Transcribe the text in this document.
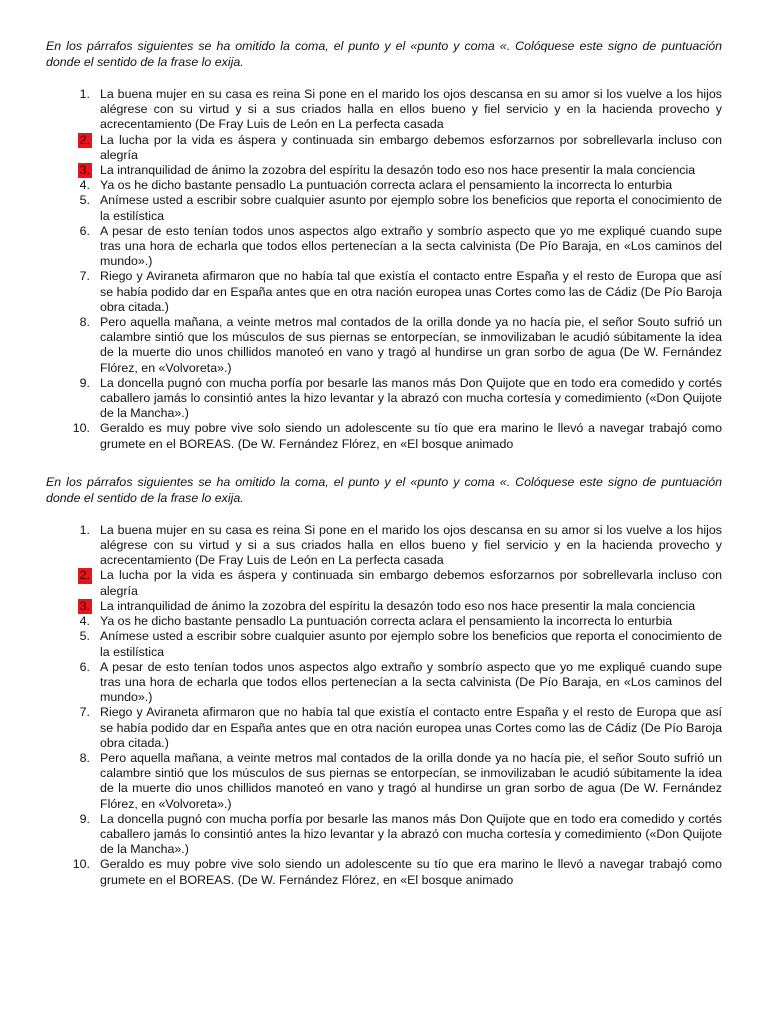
En los párrafos siguientes se ha omitido la coma, el punto y el «punto y coma «. Colóquese este signo de puntuación donde el sentido de la frase lo exija.

1. La buena mujer en su casa es reina Si pone en el marido los ojos descansa en su amor si los vuelve a los hijos alégrese con su virtud y si a sus criados halla en ellos bueno y fiel servicio y en la hacienda provecho y acrecentamiento (De Fray Luis de León en La perfecta casada
2. La lucha por la vida es áspera y continuada sin embargo debemos esforzarnos por sobrellevarla incluso con alegría
3. La intranquilidad de ánimo la zozobra del espíritu la desazón todo eso nos hace presentir la mala conciencia
4. Ya os he dicho bastante pensadlo La puntuación correcta aclara el pensamiento la incorrecta lo enturbia
5. Anímese usted a escribir sobre cualquier asunto por ejemplo sobre los beneficios que reporta el conocimiento de la estilística
6. A pesar de esto tenían todos unos aspectos algo extraño y sombrío aspecto que yo me expliqué cuando supe tras una hora de echarla que todos ellos pertenecían a la secta calvinista (De Pío Baraja, en «Los caminos del mundo».)
7. Riego y Aviraneta afirmaron que no había tal que existía el contacto entre España y el resto de Europa que así se había podido dar en España antes que en otra nación europea unas Cortes como las de Cádiz (De Pío Baroja obra citada.)
8. Pero aquella mañana, a veinte metros mal contados de la orilla donde ya no hacía pie, el señor Souto sufrió un calambre sintió que los músculos de sus piernas se entorpecían, se inmovilizaban le acudió súbitamente la idea de la muerte dio unos chillidos manoteó en vano y tragó al hundirse un gran sorbo de agua (De W. Fernández Flórez, en «Volvoreta».)
9. La doncella pugnó con mucha porfía por besarle las manos más Don Quijote que en todo era comedido y cortés caballero jamás lo consintió antes la hizo levantar y la abrazó con mucha cortesía y comedimiento («Don Quijote de la Mancha».)
10. Geraldo es muy pobre vive solo siendo un adolescente su tío que era marino le llevó a navegar trabajó como grumete en el BOREAS. (De W. Fernández Flórez, en «El bosque animado

En los párrafos siguientes se ha omitido la coma, el punto y el «punto y coma «. Colóquese este signo de puntuación donde el sentido de la frase lo exija.

1. La buena mujer en su casa es reina Si pone en el marido los ojos descansa en su amor si los vuelve a los hijos alégrese con su virtud y si a sus criados halla en ellos bueno y fiel servicio y en la hacienda provecho y acrecentamiento (De Fray Luis de León en La perfecta casada
2. La lucha por la vida es áspera y continuada sin embargo debemos esforzarnos por sobrellevarla incluso con alegría
3. La intranquilidad de ánimo la zozobra del espíritu la desazón todo eso nos hace presentir la mala conciencia
4. Ya os he dicho bastante pensadlo La puntuación correcta aclara el pensamiento la incorrecta lo enturbia
5. Anímese usted a escribir sobre cualquier asunto por ejemplo sobre los beneficios que reporta el conocimiento de la estilística
6. A pesar de esto tenían todos unos aspectos algo extraño y sombrío aspecto que yo me expliqué cuando supe tras una hora de echarla que todos ellos pertenecían a la secta calvinista (De Pío Baraja, en «Los caminos del mundo».)
7. Riego y Aviraneta afirmaron que no había tal que existía el contacto entre España y el resto de Europa que así se había podido dar en España antes que en otra nación europea unas Cortes como las de Cádiz (De Pío Baroja obra citada.)
8. Pero aquella mañana, a veinte metros mal contados de la orilla donde ya no hacía pie, el señor Souto sufrió un calambre sintió que los músculos de sus piernas se entorpecían, se inmovilizaban le acudió súbitamente la idea de la muerte dio unos chillidos manoteó en vano y tragó al hundirse un gran sorbo de agua (De W. Fernández Flórez, en «Volvoreta».)
9. La doncella pugnó con mucha porfía por besarle las manos más Don Quijote que en todo era comedido y cortés caballero jamás lo consintió antes la hizo levantar y la abrazó con mucha cortesía y comedimiento («Don Quijote de la Mancha».)
10. Geraldo es muy pobre vive solo siendo un adolescente su tío que era marino le llevó a navegar trabajó como grumete en el BOREAS. (De W. Fernández Flórez, en «El bosque animado
